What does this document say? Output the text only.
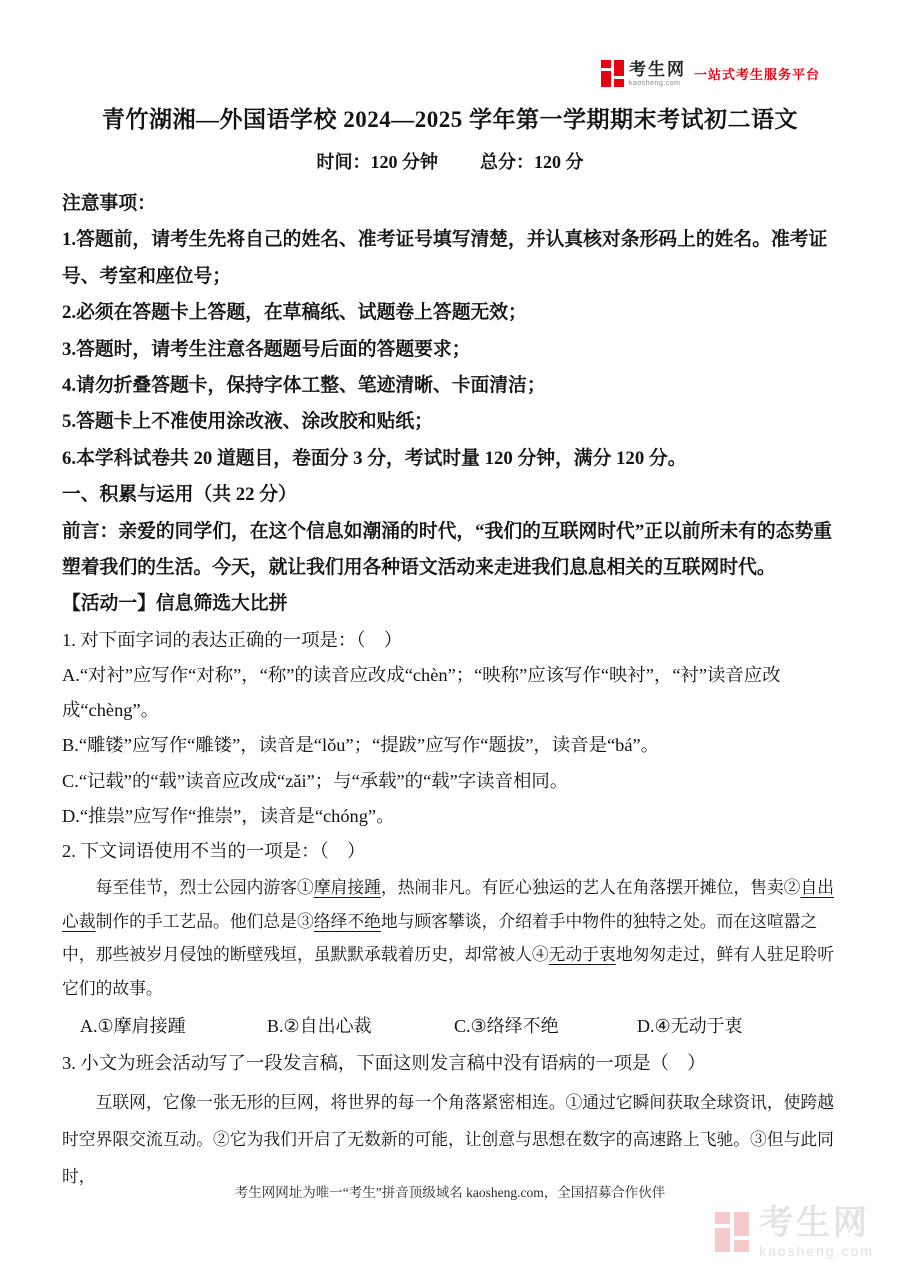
考生网
kaosheng.com
一站式考生服务平台
青竹湖湘—外国语学校 2024—2025 学年第一学期期末考试初二语文
时间：120 分钟 总分：120 分
注意事项：
1.答题前，请考生先将自己的姓名、准考证号填写清楚，并认真核对条形码上的姓名。准考证号、考室和座位号；
2.必须在答题卡上答题，在草稿纸、试题卷上答题无效；
3.答题时，请考生注意各题题号后面的答题要求；
4.请勿折叠答题卡，保持字体工整、笔迹清晰、卡面清洁；
5.答题卡上不准使用涂改液、涂改胶和贴纸；
6.本学科试卷共 20 道题目，卷面分 3 分，考试时量 120 分钟，满分 120 分。
一、积累与运用（共 22 分）
前言：亲爱的同学们，在这个信息如潮涌的时代，“我们的互联网时代”正以前所未有的态势重塑着我们的生活。今天，就让我们用各种语文活动来走进我们息息相关的互联网时代。
【活动一】信息筛选大比拼
1. 对下面字词的表达正确的一项是：（　）
A.“对衬”应写作“对称”，“称”的读音应改成“chèn”；“映称”应该写作“映衬”，“衬”读音应改成“chèng”。
B.“雕镂”应写作“雕镂”，读音是“lǒu”；“提跋”应写作“题拔”，读音是“bá”。
C.“记载”的“载”读音应改成“zǎi”；与“承载”的“载”字读音相同。
D.“推祟”应写作“推崇”，读音是“chóng”。
2. 下文词语使用不当的一项是：（　）
每至佳节，烈士公园内游客①摩肩接踵，热闹非凡。有匠心独运的艺人在角落摆开摊位，售卖②自出心裁制作的手工艺品。他们总是③络绎不绝地与顾客攀谈，介绍着手中物件的独特之处。而在这喧嚣之中，那些被岁月侵蚀的断壁残垣，虽默默承载着历史，却常被人④无动于衷地匆匆走过，鲜有人驻足聆听它们的故事。
A.①摩肩接踵	B.②自出心裁	C.③络绎不绝	D.④无动于衷
3. 小文为班会活动写了一段发言稿，下面这则发言稿中没有语病的一项是（　）
互联网，它像一张无形的巨网，将世界的每一个角落紧密相连。①通过它瞬间获取全球资讯，使跨越时空界限交流互动。②它为我们开启了无数新的可能，让创意与思想在数字的高速路上飞驰。③但与此同时，
考生网网址为唯一“考生”拼音顶级域名 kaosheng.com，全国招募合作伙伴
考生网
kaosheng.com
